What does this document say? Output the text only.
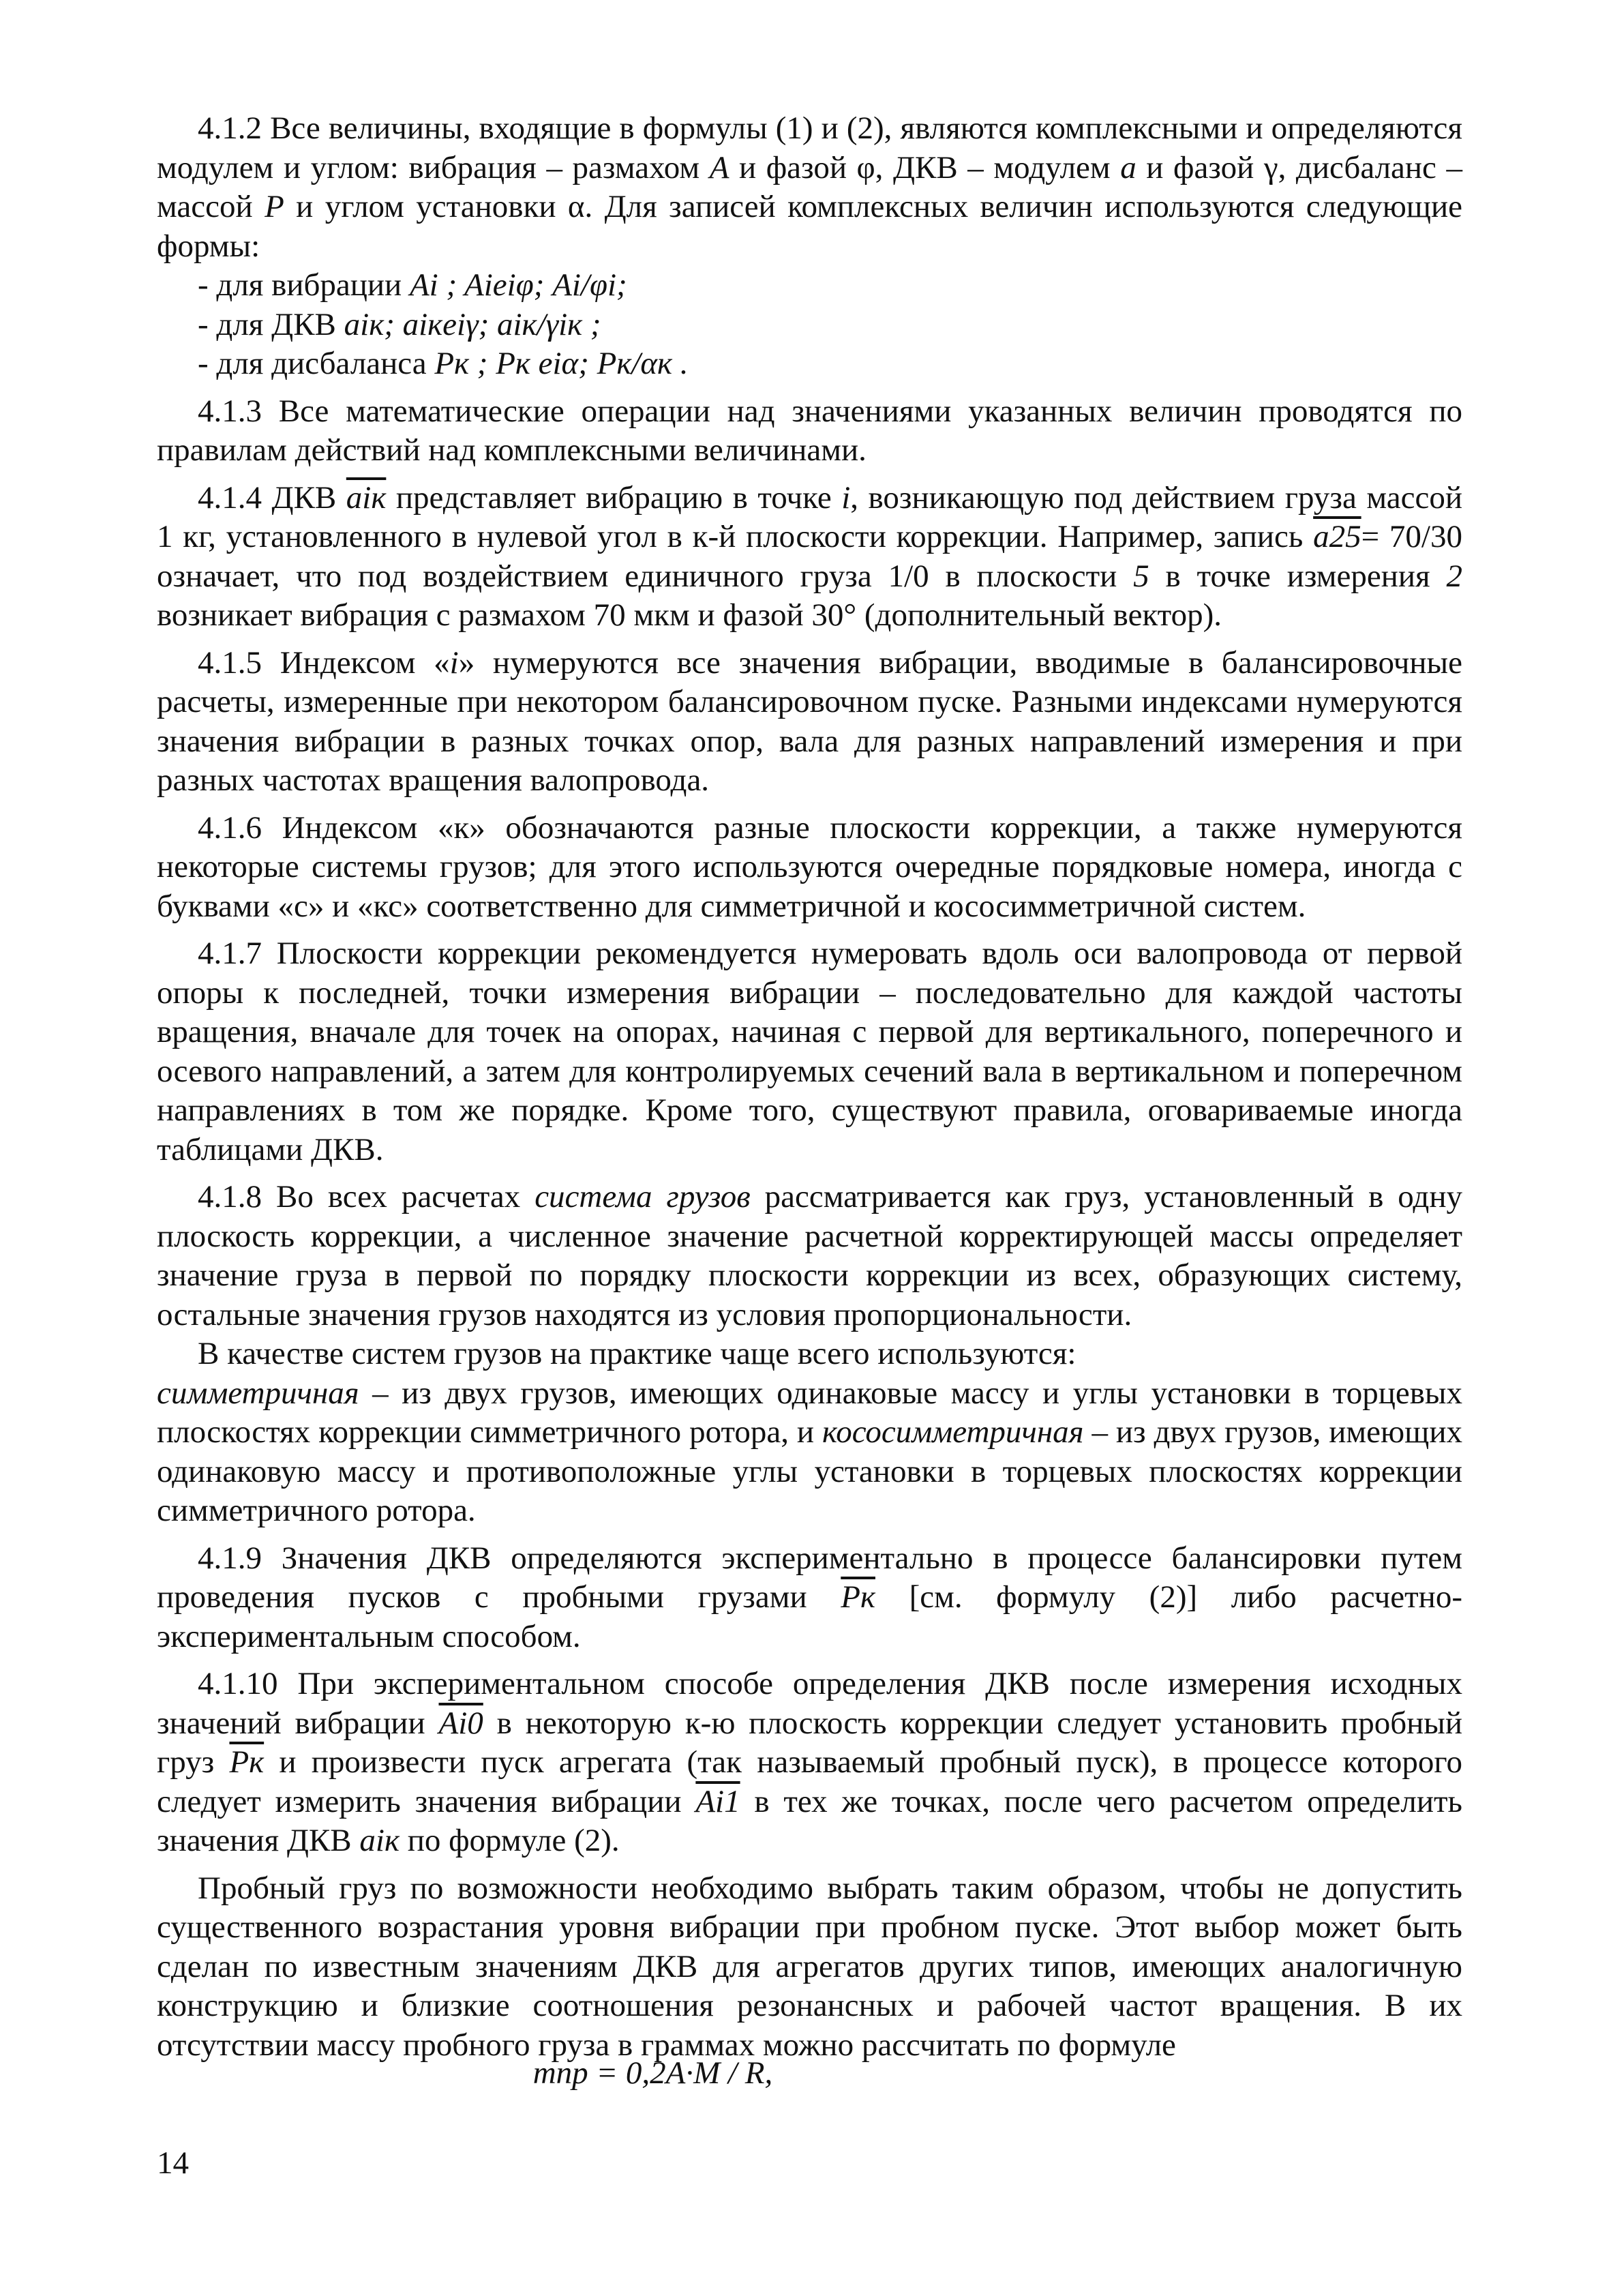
4.1.2 Все величины, входящие в формулы (1) и (2), являются комплексными и определяются модулем и углом: вибрация – размахом A и фазой φ, ДКВ – модулем a и фазой γ, дисбаланс – массой P и углом установки α. Для записей комплексных величин используются следующие формы:

- для вибрации Ai ; Aieiφ; Ai/φi;

- для ДКВ aiк; aiкeiγ; aiк/γiк ;

- для дисбаланса Pк ; Pк eiα; Pк/αк .

4.1.3 Все математические операции над значениями указанных величин проводятся по правилам действий над комплексными величинами.

4.1.4 ДКВ aiк представляет вибрацию в точке i, возникающую под действием груза массой 1 кг, установленного в нулевой угол в к-й плоскости коррекции. Например, запись a25= 70/30 означает, что под воздействием единичного груза 1/0 в плоскости 5 в точке измерения 2 возникает вибрация с размахом 70 мкм и фазой 30° (дополнительный вектор).

4.1.5 Индексом «i» нумеруются все значения вибрации, вводимые в балансировочные расчеты, измеренные при некотором балансировочном пуске. Разными индексами нумеруются значения вибрации в разных точках опор, вала для разных направлений измерения и при разных частотах вращения валопровода.

4.1.6 Индексом «к» обозначаются разные плоскости коррекции, а также нумеруются некоторые системы грузов; для этого используются очередные порядковые номера, иногда с буквами «с» и «кс» соответственно для симметричной и кососимметричной систем.

4.1.7 Плоскости коррекции рекомендуется нумеровать вдоль оси валопровода от первой опоры к последней, точки измерения вибрации – последовательно для каждой частоты вращения, вначале для точек на опорах, начиная с первой для вертикального, поперечного и осевого направлений, а затем для контролируемых сечений вала в вертикальном и поперечном направлениях в том же порядке. Кроме того, существуют правила, оговариваемые иногда таблицами ДКВ.

4.1.8 Во всех расчетах система грузов рассматривается как груз, установленный в одну плоскость коррекции, а численное значение расчетной корректирующей массы определяет значение груза в первой по порядку плоскости коррекции из всех, образующих систему, остальные значения грузов находятся из условия пропорциональности.

В качестве систем грузов на практике чаще всего используются:

симметричная – из двух грузов, имеющих одинаковые массу и углы установки в торцевых плоскостях коррекции симметричного ротора, и кососимметричная – из двух грузов, имеющих одинаковую массу и противоположные углы установки в торцевых плоскостях коррекции симметричного ротора.

4.1.9 Значения ДКВ определяются экспериментально в процессе балансировки путем проведения пусков с пробными грузами Pк [см. формулу (2)] либо расчетно-экспериментальным способом.

4.1.10 При экспериментальном способе определения ДКВ после измерения исходных значений вибрации Ai0 в некоторую к-ю плоскость коррекции следует установить пробный груз Pк и произвести пуск агрегата (так называемый пробный пуск), в процессе которого следует измерить значения вибрации Ai1 в тех же точках, после чего расчетом определить значения ДКВ aiк по формуле (2).

Пробный груз по возможности необходимо выбрать таким образом, чтобы не допустить существенного возрастания уровня вибрации при пробном пуске. Этот выбор может быть сделан по известным значениям ДКВ для агрегатов других типов, имеющих аналогичную конструкцию и близкие соотношения резонансных и рабочей частот вращения. В их отсутствии массу пробного груза в граммах можно рассчитать по формуле

mпр = 0,2A·M / R,
14
